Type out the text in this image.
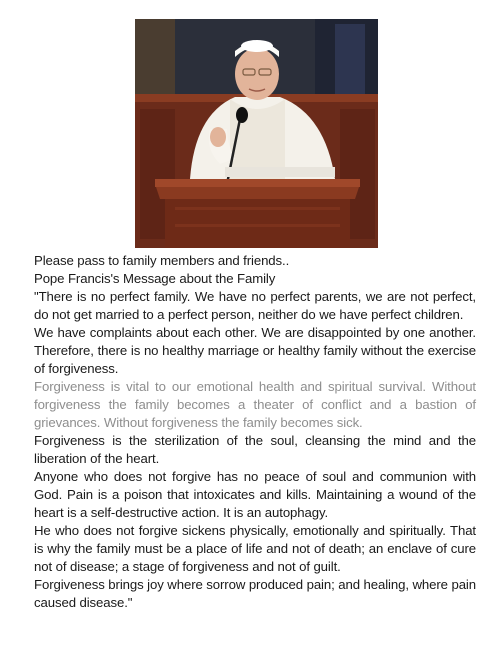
Please pass to family members and friends..

Pope Francis's Message about the Family

"There is no perfect family. We have no perfect parents, we are not perfect, do not get married to a perfect person, neither do we have perfect children.

We have complaints about each other. We are disappointed by one another. Therefore, there is no healthy marriage or healthy family without the exercise of forgiveness.

Forgiveness is vital to our emotional health and spiritual survival. Without forgiveness the family becomes a theater of conflict and a bastion of grievances. Without forgiveness the family becomes sick.

Forgiveness is the sterilization of the soul, cleansing the mind and the liberation of the heart.

Anyone who does not forgive has no peace of soul and communion with God. Pain is a poison that intoxicates and kills. Maintaining a wound of the heart is a self-destructive action. It is an autophagy.

He who does not forgive sickens physically, emotionally and spiritually. That is why the family must be a place of life and not of death; an enclave of cure not of disease; a stage of forgiveness and not of guilt.

Forgiveness brings joy where sorrow produced pain; and healing, where pain caused disease."
